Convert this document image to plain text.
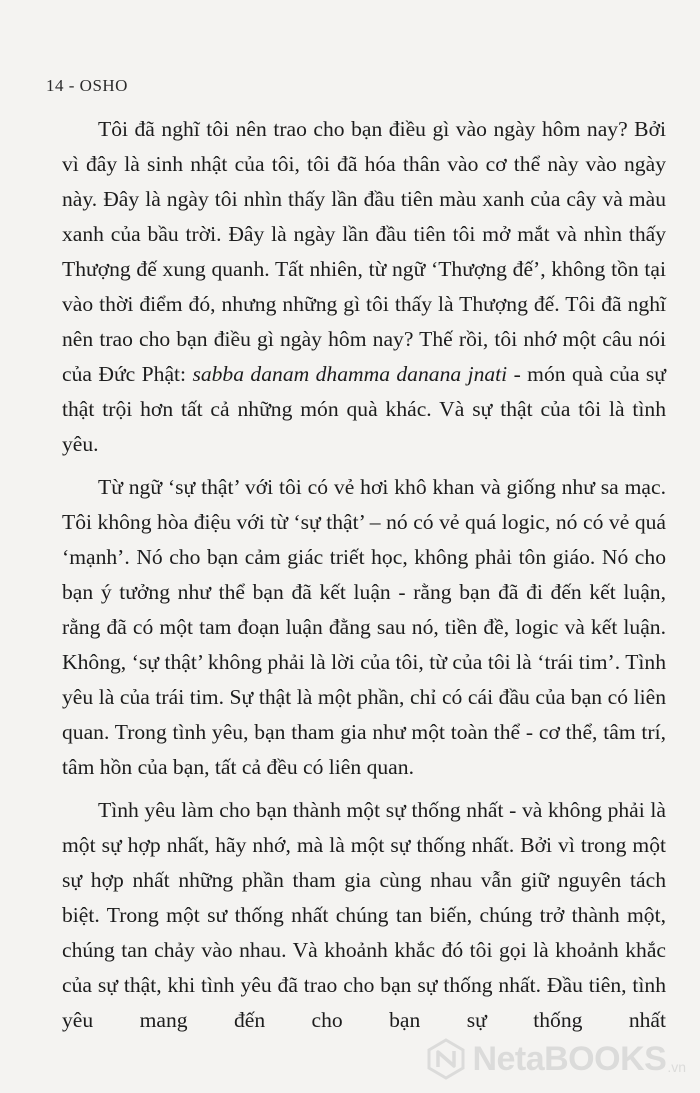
14 - OSHO

Tôi đã nghĩ tôi nên trao cho bạn điều gì vào ngày hôm nay? Bởi vì đây là sinh nhật của tôi, tôi đã hóa thân vào cơ thể này vào ngày này. Đây là ngày tôi nhìn thấy lần đầu tiên màu xanh của cây và màu xanh của bầu trời. Đây là ngày lần đầu tiên tôi mở mắt và nhìn thấy Thượng đế xung quanh. Tất nhiên, từ ngữ ‘Thượng đế’, không tồn tại vào thời điểm đó, nhưng những gì tôi thấy là Thượng đế. Tôi đã nghĩ nên trao cho bạn điều gì ngày hôm nay? Thế rồi, tôi nhớ một câu nói của Đức Phật: sabba danam dhamma danana jnati - món quà của sự thật trội hơn tất cả những món quà khác. Và sự thật của tôi là tình yêu.

Từ ngữ ‘sự thật’ với tôi có vẻ hơi khô khan và giống như sa mạc. Tôi không hòa điệu với từ ‘sự thật’ – nó có vẻ quá logic, nó có vẻ quá ‘mạnh’. Nó cho bạn cảm giác triết học, không phải tôn giáo. Nó cho bạn ý tưởng như thể bạn đã kết luận - rằng bạn đã đi đến kết luận, rằng đã có một tam đoạn luận đằng sau nó, tiền đề, logic và kết luận. Không, ‘sự thật’ không phải là lời của tôi, từ của tôi là ‘trái tim’. Tình yêu là của trái tim. Sự thật là một phần, chỉ có cái đầu của bạn có liên quan. Trong tình yêu, bạn tham gia như một toàn thể - cơ thể, tâm trí, tâm hồn của bạn, tất cả đều có liên quan.

Tình yêu làm cho bạn thành một sự thống nhất - và không phải là một sự hợp nhất, hãy nhớ, mà là một sự thống nhất. Bởi vì trong một sự hợp nhất những phần tham gia cùng nhau vẫn giữ nguyên tách biệt. Trong một sư thống nhất chúng tan biến, chúng trở thành một, chúng tan chảy vào nhau. Và khoảnh khắc đó tôi gọi là khoảnh khắc của sự thật, khi tình yêu đã trao cho bạn sự thống nhất. Đầu tiên, tình yêu mang đến cho bạn sự thống nhất

NetaBOOKS .vn
